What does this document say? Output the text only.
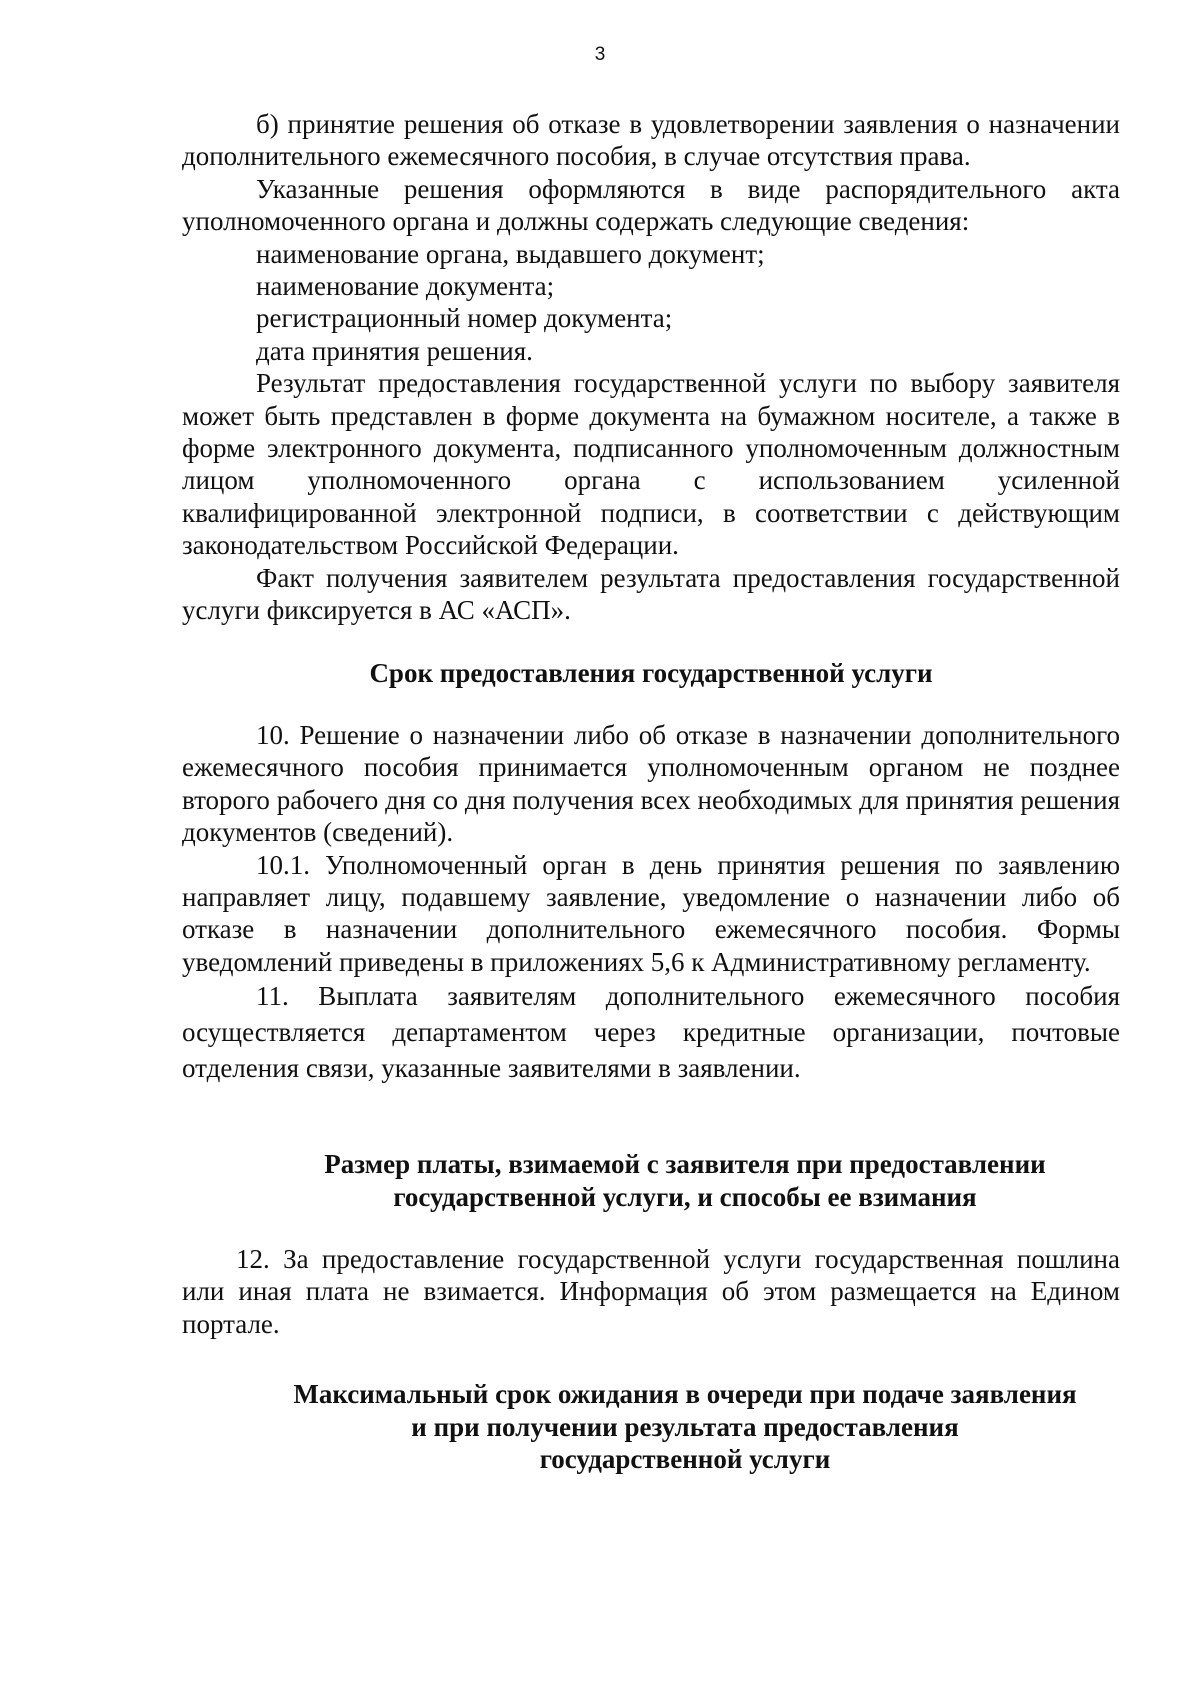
3

б) принятие решения об отказе в удовлетворении заявления о назначении дополнительного ежемесячного пособия, в случае отсутствия права.

Указанные решения оформляются в виде распорядительного акта уполномоченного органа и должны содержать следующие сведения:

наименование органа, выдавшего документ;

наименование документа;

регистрационный номер документа;

дата принятия решения.

Результат предоставления государственной услуги по выбору заявителя может быть представлен в форме документа на бумажном носителе, а также в форме электронного документа, подписанного уполномоченным должностным лицом уполномоченного органа с использованием усиленной квалифицированной электронной подписи, в соответствии с действующим законодательством Российской Федерации.

Факт получения заявителем результата предоставления государственной услуги фиксируется в АС «АСП».

Срок предоставления государственной услуги

10. Решение о назначении либо об отказе в назначении дополнительного ежемесячного пособия принимается уполномоченным органом не позднее второго рабочего дня со дня получения всех необходимых для принятия решения документов (сведений).

10.1. Уполномоченный орган в день принятия решения по заявлению направляет лицу, подавшему заявление, уведомление о назначении либо об отказе в назначении дополнительного ежемесячного пособия. Формы уведомлений приведены в приложениях 5,6 к Административному регламенту.

11. Выплата заявителям дополнительного ежемесячного пособия осуществляется департаментом через кредитные организации, почтовые отделения связи, указанные заявителями в заявлении.

Размер платы, взимаемой с заявителя при предоставлении

государственной услуги, и способы ее взимания

12. За предоставление государственной услуги государственная пошлина или иная плата не взимается. Информация об этом размещается на Едином портале.

Максимальный срок ожидания в очереди при подаче заявления

и при получении результата предоставления

государственной услуги
